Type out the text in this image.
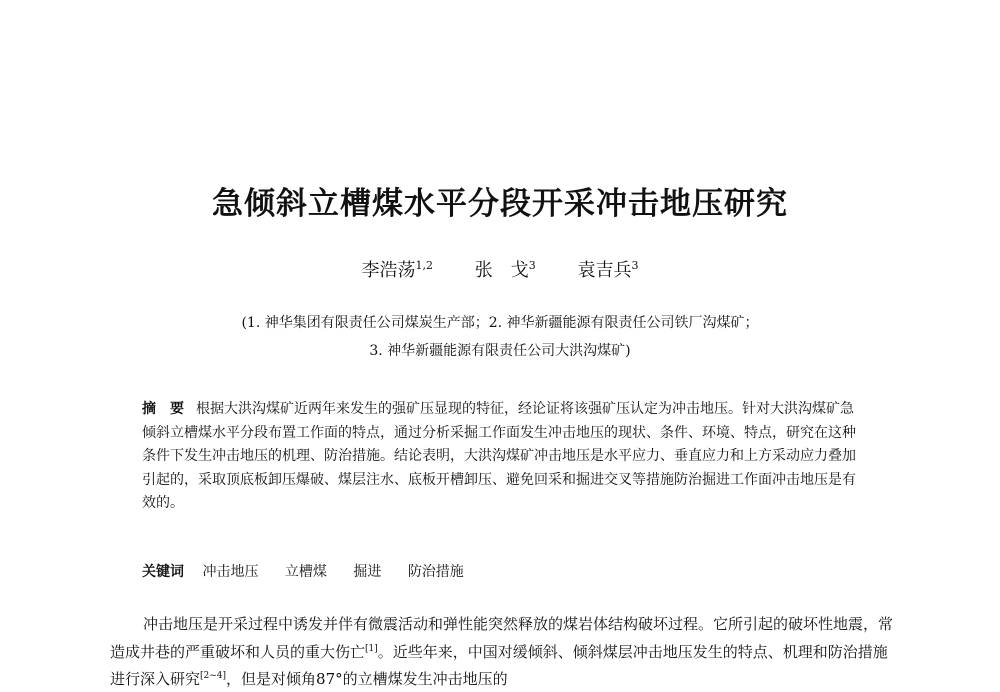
急倾斜立槽煤水平分段开采冲击地压研究
李浩荡$^{1,2}$ 张　戈$^3$ 袁吉兵$^3$
(1. 神华集团有限责任公司煤炭生产部；2. 神华新疆能源有限责任公司铁厂沟煤矿；
3. 神华新疆能源有限责任公司大洪沟煤矿)
摘　要 根据大洪沟煤矿近两年来发生的强矿压显现的特征，经论证将该强矿压认定为冲击地压。针对大洪沟煤矿急倾斜立槽煤水平分段布置工作面的特点，通过分析采掘工作面发生冲击地压的现状、条件、环境、特点，研究在这种条件下发生冲击地压的机理、防治措施。结论表明，大洪沟煤矿冲击地压是水平应力、垂直应力和上方采动应力叠加引起的，采取顶底板卸压爆破、煤层注水、底板开槽卸压、避免回采和掘进交叉等措施防治掘进工作面冲击地压是有效的。
关键词 冲击地压 立槽煤 掘进 防治措施
冲击地压是开采过程中诱发并伴有微震活动和弹性能突然释放的煤岩体结构破坏过程。它所引起的破坏性地震，常造成井巷的严重破坏和人员的重大伤亡[1]。近些年来，中国对缓倾斜、倾斜煤层冲击地压发生的特点、机理和防治措施进行深入研究[2~4]，但是对倾角87°的立槽煤发生冲击地压的
